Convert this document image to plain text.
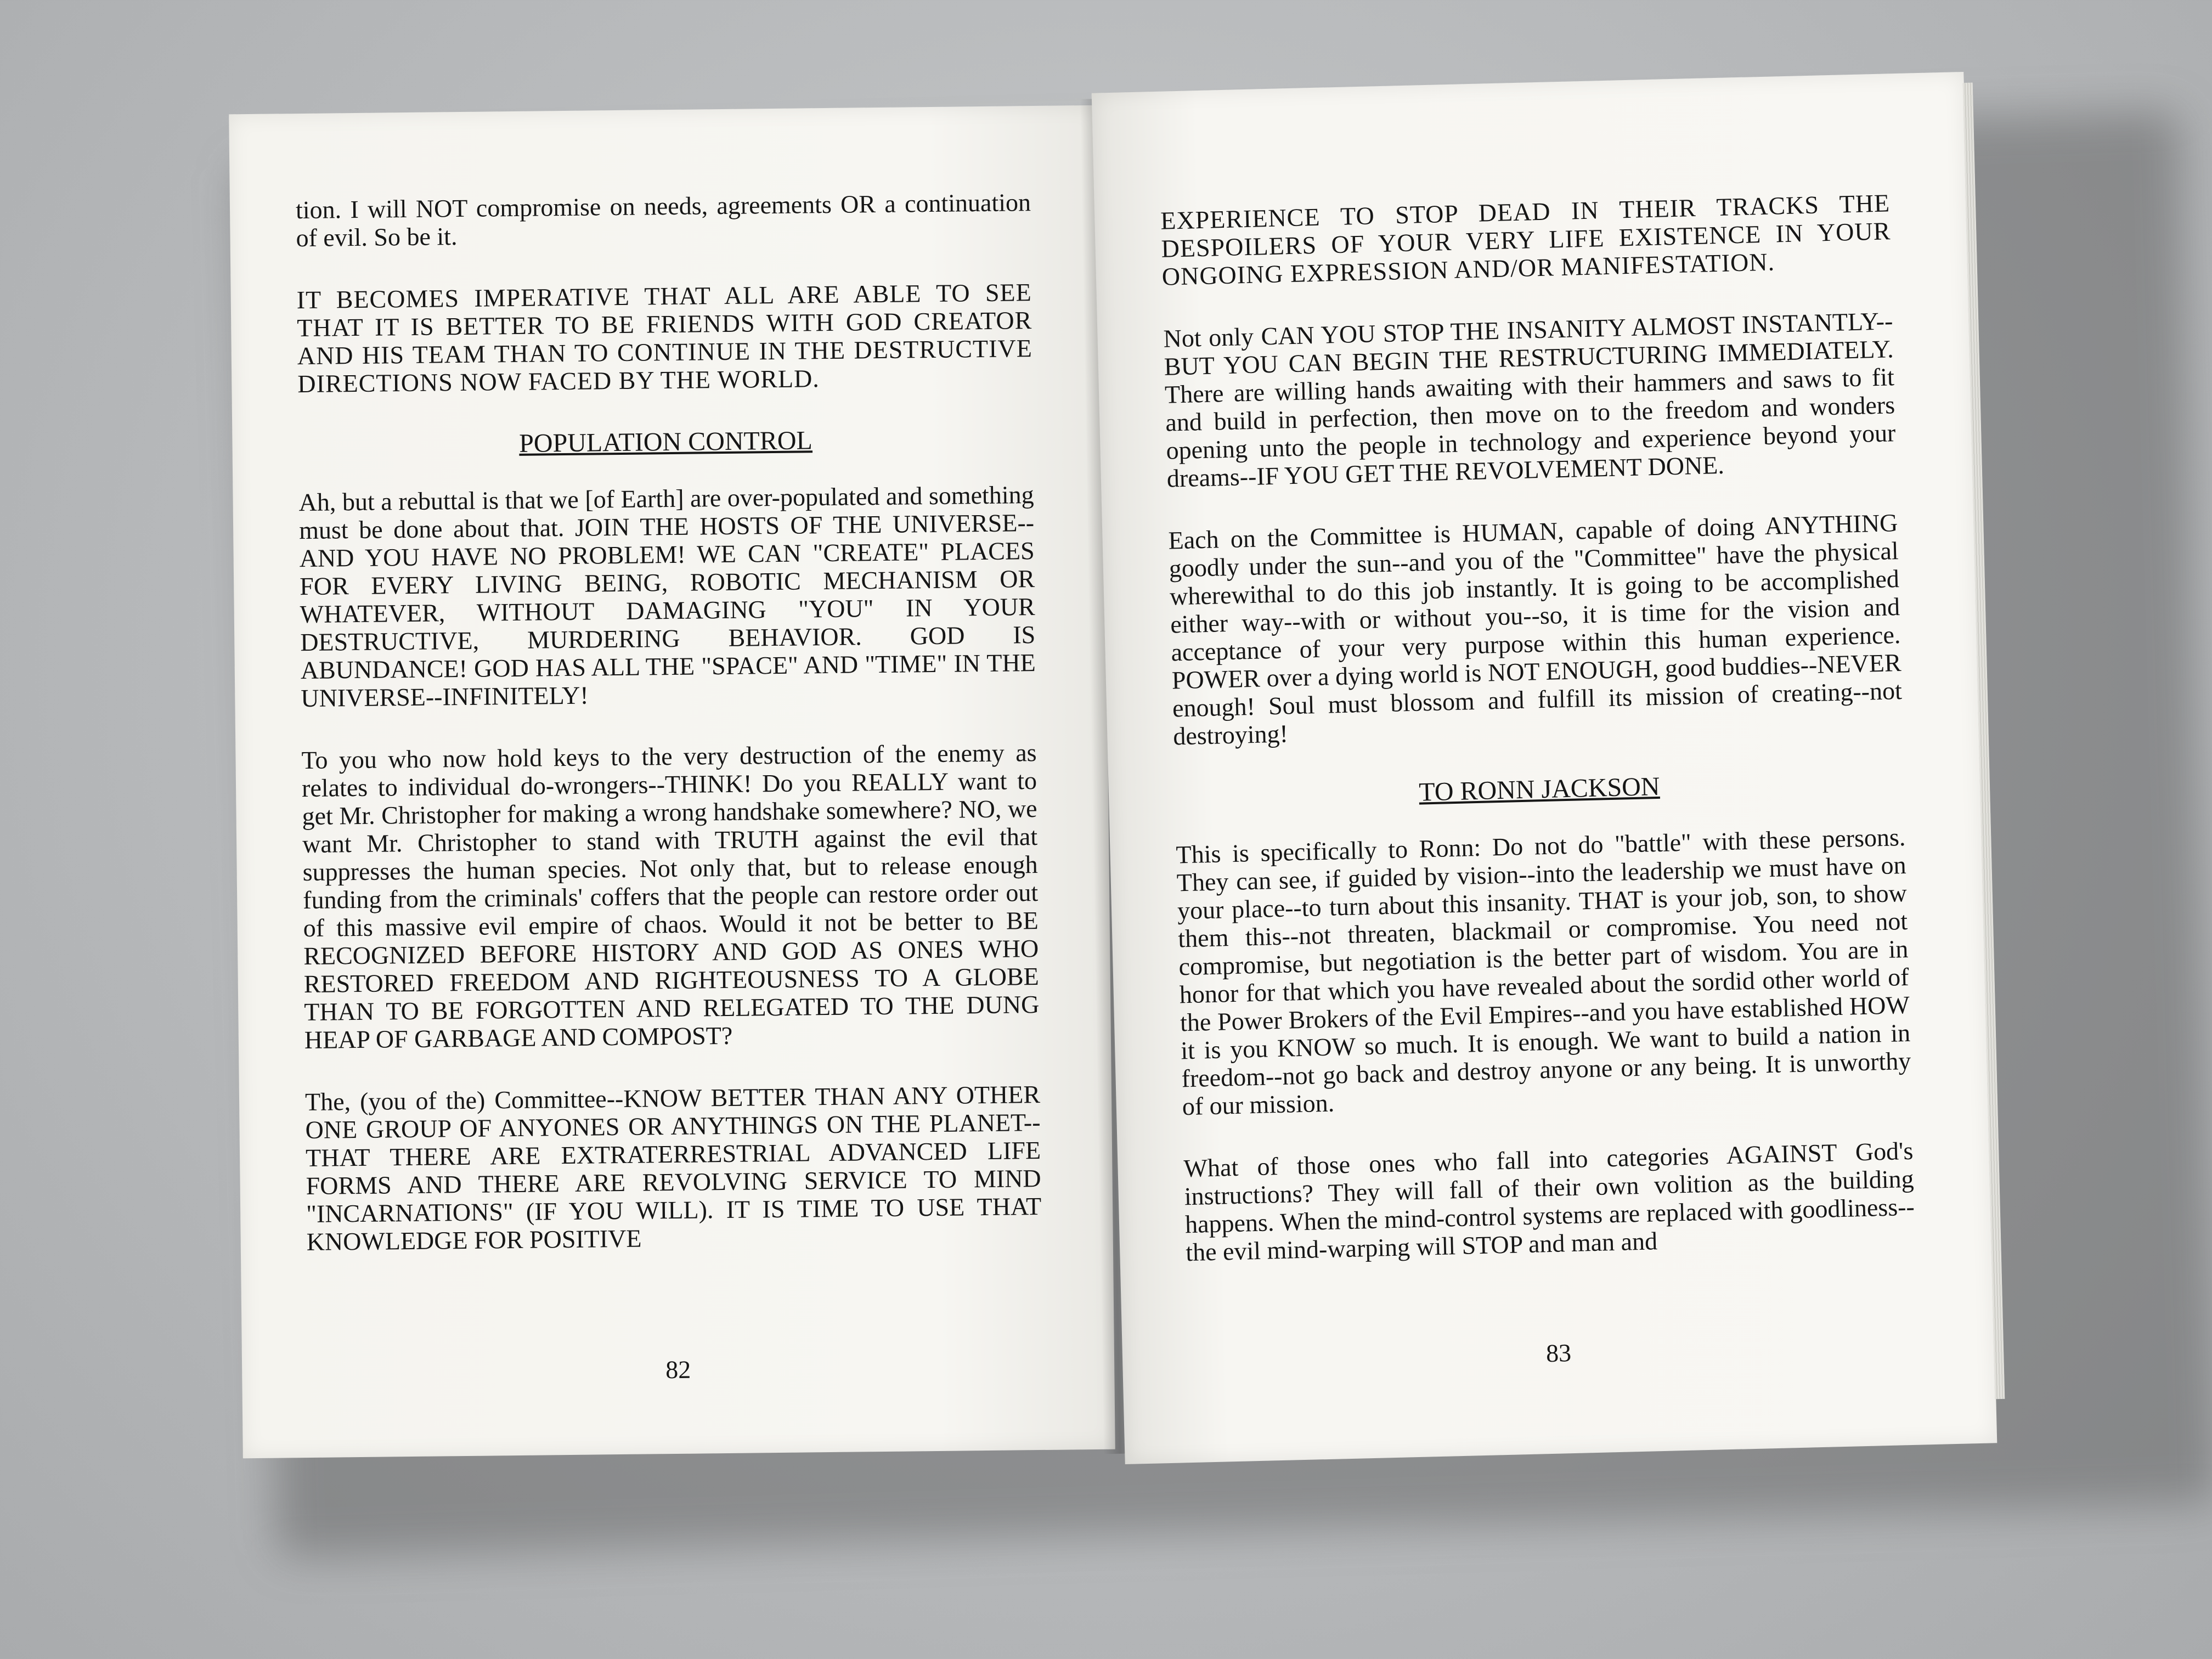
tion. I will NOT compromise on needs, agreements OR a continuation of evil. So be it.

IT BECOMES IMPERATIVE THAT ALL ARE ABLE TO SEE THAT IT IS BETTER TO BE FRIENDS WITH GOD CREATOR AND HIS TEAM THAN TO CONTINUE IN THE DESTRUCTIVE DIRECTIONS NOW FACED BY THE WORLD.

POPULATION CONTROL

Ah, but a rebuttal is that we [of Earth] are over-populated and something must be done about that. JOIN THE HOSTS OF THE UNIVERSE--AND YOU HAVE NO PROBLEM! WE CAN "CREATE" PLACES FOR EVERY LIVING BEING, ROBOTIC MECHANISM OR WHATEVER, WITHOUT DAMAGING "YOU" IN YOUR DESTRUCTIVE, MURDERING BEHAVIOR. GOD IS ABUNDANCE! GOD HAS ALL THE "SPACE" AND "TIME" IN THE UNIVERSE--INFINITELY!

To you who now hold keys to the very destruction of the enemy as relates to individual do-wrongers--THINK! Do you REALLY want to get Mr. Christopher for making a wrong handshake somewhere? NO, we want Mr. Christopher to stand with TRUTH against the evil that suppresses the human species. Not only that, but to release enough funding from the criminals' coffers that the people can restore order out of this massive evil empire of chaos. Would it not be better to BE RECOGNIZED BEFORE HISTORY AND GOD AS ONES WHO RESTORED FREEDOM AND RIGHTEOUSNESS TO A GLOBE THAN TO BE FORGOTTEN AND RELEGATED TO THE DUNG HEAP OF GARBAGE AND COMPOST?

The, (you of the) Committee--KNOW BETTER THAN ANY OTHER ONE GROUP OF ANYONES OR ANYTHINGS ON THE PLANET--THAT THERE ARE EXTRATERRESTRIAL ADVANCED LIFE FORMS AND THERE ARE REVOLVING SERVICE TO MIND "INCARNATIONS" (IF YOU WILL). IT IS TIME TO USE THAT KNOWLEDGE FOR POSITIVE

82

EXPERIENCE TO STOP DEAD IN THEIR TRACKS THE DESPOILERS OF YOUR VERY LIFE EXISTENCE IN YOUR ONGOING EXPRESSION AND/OR MANIFESTATION.

Not only CAN YOU STOP THE INSANITY ALMOST INSTANTLY--BUT YOU CAN BEGIN THE RESTRUCTURING IMMEDIATELY. There are willing hands awaiting with their hammers and saws to fit and build in perfection, then move on to the freedom and wonders opening unto the people in technology and experience beyond your dreams--IF YOU GET THE REVOLVEMENT DONE.

Each on the Committee is HUMAN, capable of doing ANYTHING goodly under the sun--and you of the "Committee" have the physical wherewithal to do this job instantly. It is going to be accomplished either way--with or without you--so, it is time for the vision and acceptance of your very purpose within this human experience. POWER over a dying world is NOT ENOUGH, good buddies--NEVER enough! Soul must blossom and fulfill its mission of creating--not destroying!

TO RONN JACKSON

This is specifically to Ronn: Do not do "battle" with these persons. They can see, if guided by vision--into the leadership we must have on your place--to turn about this insanity. THAT is your job, son, to show them this--not threaten, blackmail or compromise. You need not compromise, but negotiation is the better part of wisdom. You are in honor for that which you have revealed about the sordid other world of the Power Brokers of the Evil Empires--and you have established HOW it is you KNOW so much. It is enough. We want to build a nation in freedom--not go back and destroy anyone or any being. It is unworthy of our mission.

What of those ones who fall into categories AGAINST God's instructions? They will fall of their own volition as the building happens. When the mind-control systems are replaced with goodliness--the evil mind-warping will STOP and man and

83
